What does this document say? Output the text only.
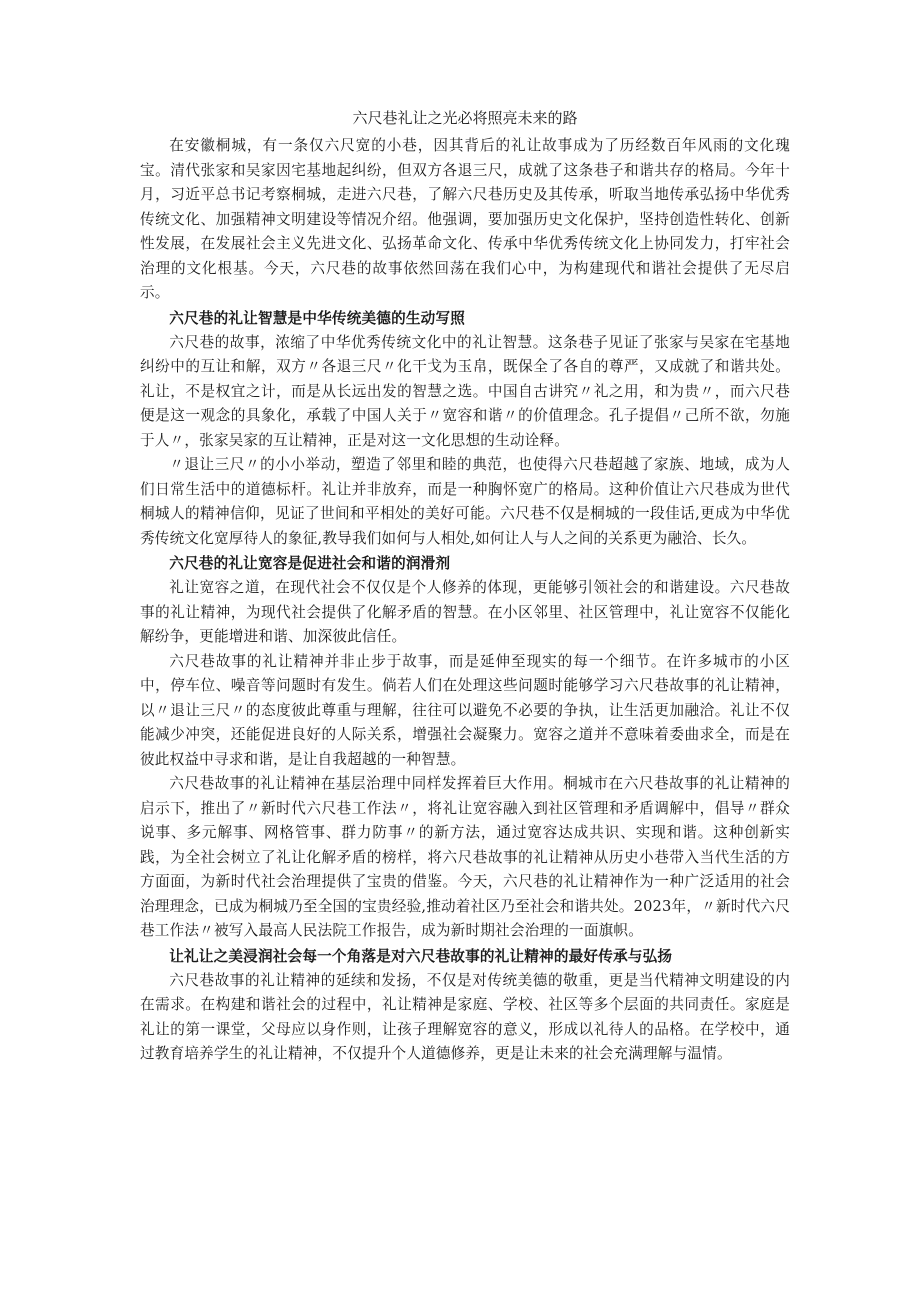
六尺巷礼让之光必将照亮未来的路

在安徽桐城，有一条仅六尺宽的小巷，因其背后的礼让故事成为了历经数百年风雨的文化瑰宝。清代张家和吴家因宅基地起纠纷，但双方各退三尺，成就了这条巷子和谐共存的格局。今年十月，习近平总书记考察桐城，走进六尺巷，了解六尺巷历史及其传承，听取当地传承弘扬中华优秀传统文化、加强精神文明建设等情况介绍。他强调，要加强历史文化保护，坚持创造性转化、创新性发展，在发展社会主义先进文化、弘扬革命文化、传承中华优秀传统文化上协同发力，打牢社会治理的文化根基。今天，六尺巷的故事依然回荡在我们心中，为构建现代和谐社会提供了无尽启示。

六尺巷的礼让智慧是中华传统美德的生动写照

六尺巷的故事，浓缩了中华优秀传统文化中的礼让智慧。这条巷子见证了张家与吴家在宅基地纠纷中的互让和解，双方〃各退三尺〃化干戈为玉帛，既保全了各自的尊严，又成就了和谐共处。礼让，不是权宜之计，而是从长远出发的智慧之选。中国自古讲究〃礼之用，和为贵〃，而六尺巷便是这一观念的具象化，承载了中国人关于〃宽容和谐〃的价值理念。孔子提倡〃己所不欲，勿施于人〃，张家吴家的互让精神，正是对这一文化思想的生动诠释。

〃退让三尺〃的小小举动，塑造了邻里和睦的典范，也使得六尺巷超越了家族、地域，成为人们日常生活中的道德标杆。礼让并非放弃，而是一种胸怀宽广的格局。这种价值让六尺巷成为世代桐城人的精神信仰，见证了世间和平相处的美好可能。六尺巷不仅是桐城的一段佳话,更成为中华优秀传统文化宽厚待人的象征,教导我们如何与人相处,如何让人与人之间的关系更为融洽、长久。

六尺巷的礼让宽容是促进社会和谐的润滑剂

礼让宽容之道，在现代社会不仅仅是个人修养的体现，更能够引领社会的和谐建设。六尺巷故事的礼让精神，为现代社会提供了化解矛盾的智慧。在小区邻里、社区管理中，礼让宽容不仅能化解纷争，更能增进和谐、加深彼此信任。

六尺巷故事的礼让精神并非止步于故事，而是延伸至现实的每一个细节。在许多城市的小区中，停车位、噪音等问题时有发生。倘若人们在处理这些问题时能够学习六尺巷故事的礼让精神，以〃退让三尺〃的态度彼此尊重与理解，往往可以避免不必要的争执，让生活更加融洽。礼让不仅能减少冲突，还能促进良好的人际关系，增强社会凝聚力。宽容之道并不意味着委曲求全，而是在彼此权益中寻求和谐，是让自我超越的一种智慧。

六尺巷故事的礼让精神在基层治理中同样发挥着巨大作用。桐城市在六尺巷故事的礼让精神的启示下，推出了〃新时代六尺巷工作法〃，将礼让宽容融入到社区管理和矛盾调解中，倡导〃群众说事、多元解事、网格管事、群力防事〃的新方法，通过宽容达成共识、实现和谐。这种创新实践，为全社会树立了礼让化解矛盾的榜样，将六尺巷故事的礼让精神从历史小巷带入当代生活的方方面面，为新时代社会治理提供了宝贵的借鉴。今天，六尺巷的礼让精神作为一种广泛适用的社会治理理念，已成为桐城乃至全国的宝贵经验,推动着社区乃至社会和谐共处。2023年，〃新时代六尺巷工作法〃被写入最高人民法院工作报告，成为新时期社会治理的一面旗帜。

让礼让之美浸润社会每一个角落是对六尺巷故事的礼让精神的最好传承与弘扬

六尺巷故事的礼让精神的延续和发扬，不仅是对传统美德的敬重，更是当代精神文明建设的内在需求。在构建和谐社会的过程中，礼让精神是家庭、学校、社区等多个层面的共同责任。家庭是礼让的第一课堂，父母应以身作则，让孩子理解宽容的意义，形成以礼待人的品格。在学校中，通过教育培养学生的礼让精神，不仅提升个人道德修养，更是让未来的社会充满理解与温情。
